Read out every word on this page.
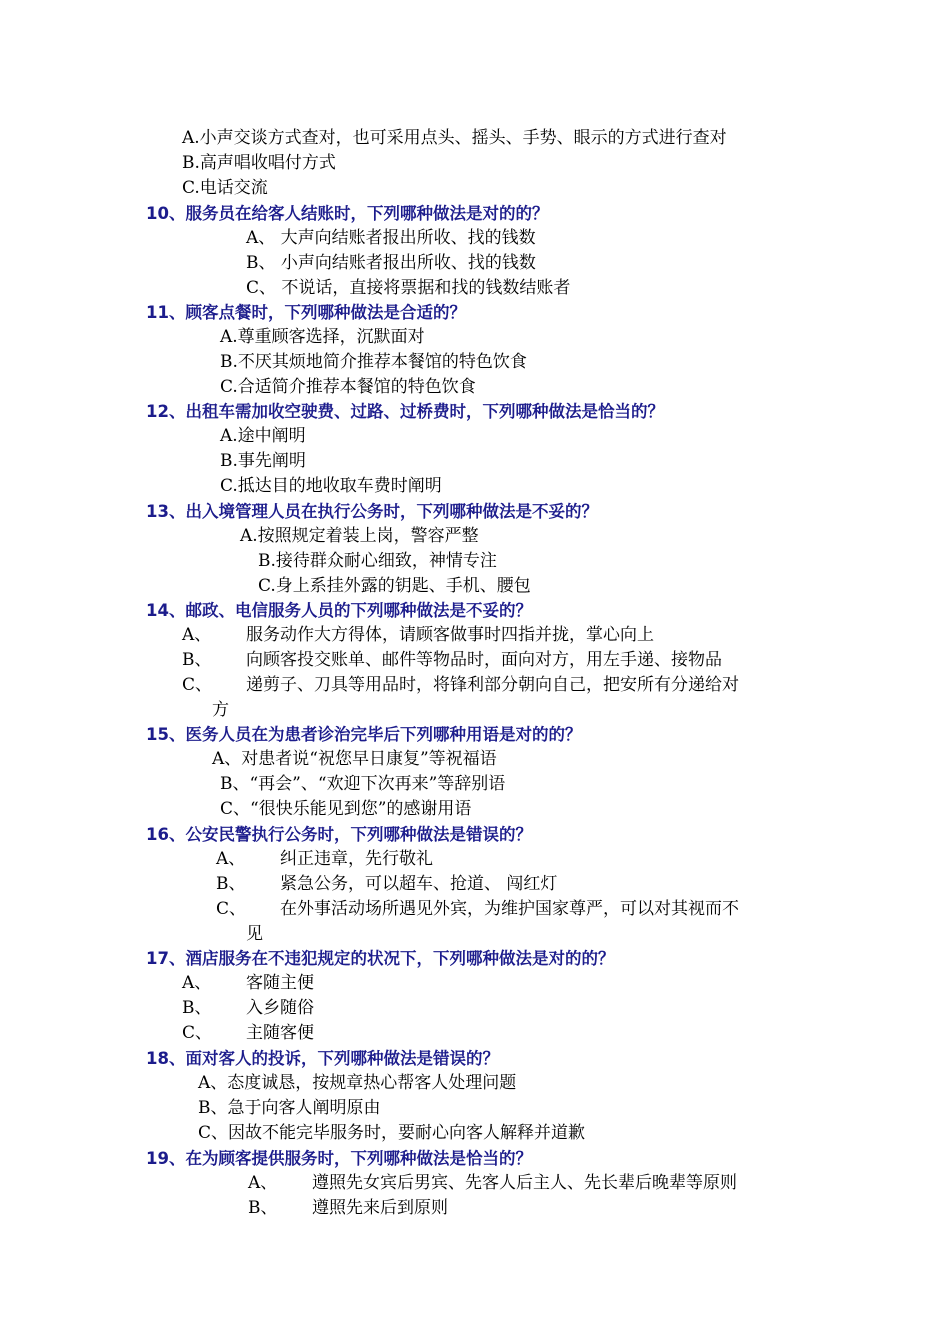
A.小声交谈方式查对，也可采用点头、摇头、手势、眼示的方式进行查对
B.高声唱收唱付方式
C.电话交流
10、服务员在给客人结账时，下列哪种做法是对的的？
A、 大声向结账者报出所收、找的钱数
B、 小声向结账者报出所收、找的钱数
C、 不说话，直接将票据和找的钱数结账者
11、顾客点餐时，下列哪种做法是合适的？
A.尊重顾客选择，沉默面对
B.不厌其烦地简介推荐本餐馆的特色饮食
C.合适简介推荐本餐馆的特色饮食
12、出租车需加收空驶费、过路、过桥费时，下列哪种做法是恰当的？
A.途中阐明
B.事先阐明
C.抵达目的地收取车费时阐明
13、出入境管理人员在执行公务时，下列哪种做法是不妥的？
A.按照规定着装上岗，警容严整
B.接待群众耐心细致，神情专注
C.身上系挂外露的钥匙、手机、腰包
14、邮政、电信服务人员的下列哪种做法是不妥的？
A、	服务动作大方得体，请顾客做事时四指并拢，掌心向上
B、	向顾客投交账单、邮件等物品时，面向对方，用左手递、接物品
C、	递剪子、刀具等用品时，将锋利部分朝向自己，把安所有分递给对
方
15、医务人员在为患者诊治完毕后下列哪种用语是对的的？
A、对患者说“祝您早日康复”等祝福语
B、“再会”、“欢迎下次再来”等辞别语
C、“很快乐能见到您”的感谢用语
16、公安民警执行公务时，下列哪种做法是错误的？
A、	纠正违章，先行敬礼
B、	紧急公务，可以超车、抢道、 闯红灯
C、	在外事活动场所遇见外宾，为维护国家尊严，可以对其视而不
见
17、酒店服务在不违犯规定的状况下，下列哪种做法是对的的？
A、	客随主便
B、	入乡随俗
C、	主随客便
18、面对客人的投诉，下列哪种做法是错误的？
A、态度诚恳，按规章热心帮客人处理问题
B、急于向客人阐明原由
C、因故不能完毕服务时，要耐心向客人解释并道歉
19、在为顾客提供服务时，下列哪种做法是恰当的？
A、	遵照先女宾后男宾、先客人后主人、先长辈后晚辈等原则
B、	遵照先来后到原则
